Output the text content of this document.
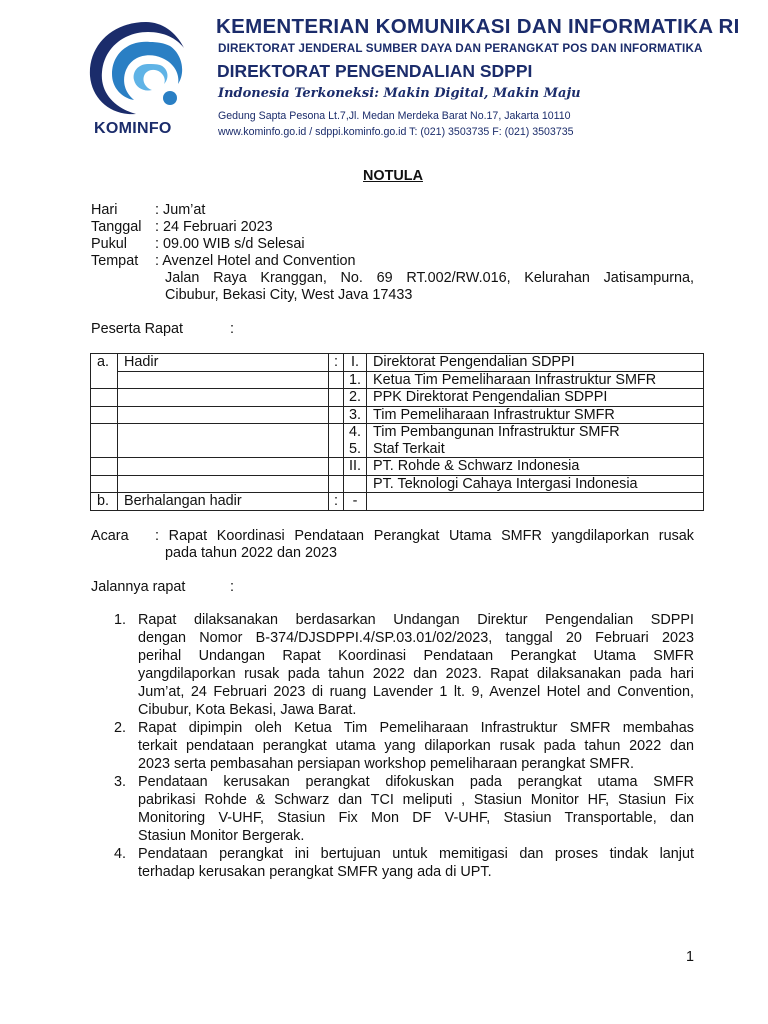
KOMINFO
KEMENTERIAN KOMUNIKASI DAN INFORMATIKA RI
DIREKTORAT JENDERAL SUMBER DAYA DAN PERANGKAT POS DAN INFORMATIKA
DIREKTORAT PENGENDALIAN SDPPI
Indonesia Terkoneksi: Makin Digital, Makin Maju
Gedung Sapta Pesona Lt.7,Jl. Medan Merdeka Barat No.17, Jakarta 10110
www.kominfo.go.id / sdppi.kominfo.go.id T: (021) 3503735 F: (021) 3503735
NOTULA
Hari	: Jum’at
Tanggal : 24 Februari 2023
Pukul : 09.00 WIB s/d Selesai
Tempat : Avenzel Hotel and Convention
Jalan Raya Kranggan, No. 69 RT.002/RW.016, Kelurahan Jatisampurna,
Cibubur, Bekasi City, West Java 17433
Peserta Rapat	:
a.	Hadir	:	I.	Direktorat Pengendalian SDPPI
			1.	Ketua Tim Pemeliharaan Infrastruktur SMFR
			2.	PPK Direktorat Pengendalian SDPPI
			3.	Tim Pemeliharaan Infrastruktur SMFR
			4.	Tim Pembangunan Infrastruktur SMFR
			5.	Staf Terkait
			II.	PT. Rohde & Schwarz Indonesia
				PT. Teknologi Cahaya Intergasi Indonesia
b.	Berhalangan hadir	:	-	
Acara : Rapat Koordinasi Pendataan Perangkat Utama SMFR yangdilaporkan rusak
pada tahun 2022 dan 2023
Jalannya rapat	:
1. Rapat dilaksanakan berdasarkan Undangan Direktur Pengendalian SDPPI
dengan Nomor B-374/DJSDPPI.4/SP.03.01/02/2023, tanggal 20 Februari 2023
perihal Undangan Rapat Koordinasi Pendataan Perangkat Utama SMFR
yangdilaporkan rusak pada tahun 2022 dan 2023. Rapat dilaksanakan pada hari
Jum’at, 24 Februari 2023 di ruang Lavender 1 lt. 9, Avenzel Hotel and Convention,
Cibubur, Kota Bekasi, Jawa Barat.
2. Rapat dipimpin oleh Ketua Tim Pemeliharaan Infrastruktur SMFR membahas
terkait pendataan perangkat utama yang dilaporkan rusak pada tahun 2022 dan
2023 serta pembasahan persiapan workshop pemeliharaan perangkat SMFR.
3. Pendataan kerusakan perangkat difokuskan pada perangkat utama SMFR
pabrikasi Rohde & Schwarz dan TCI meliputi , Stasiun Monitor HF, Stasiun Fix
Monitoring V-UHF, Stasiun Fix Mon DF V-UHF, Stasiun Transportable, dan
Stasiun Monitor Bergerak.
4. Pendataan perangkat ini bertujuan untuk memitigasi dan proses tindak lanjut
terhadap kerusakan perangkat SMFR yang ada di UPT.
1
